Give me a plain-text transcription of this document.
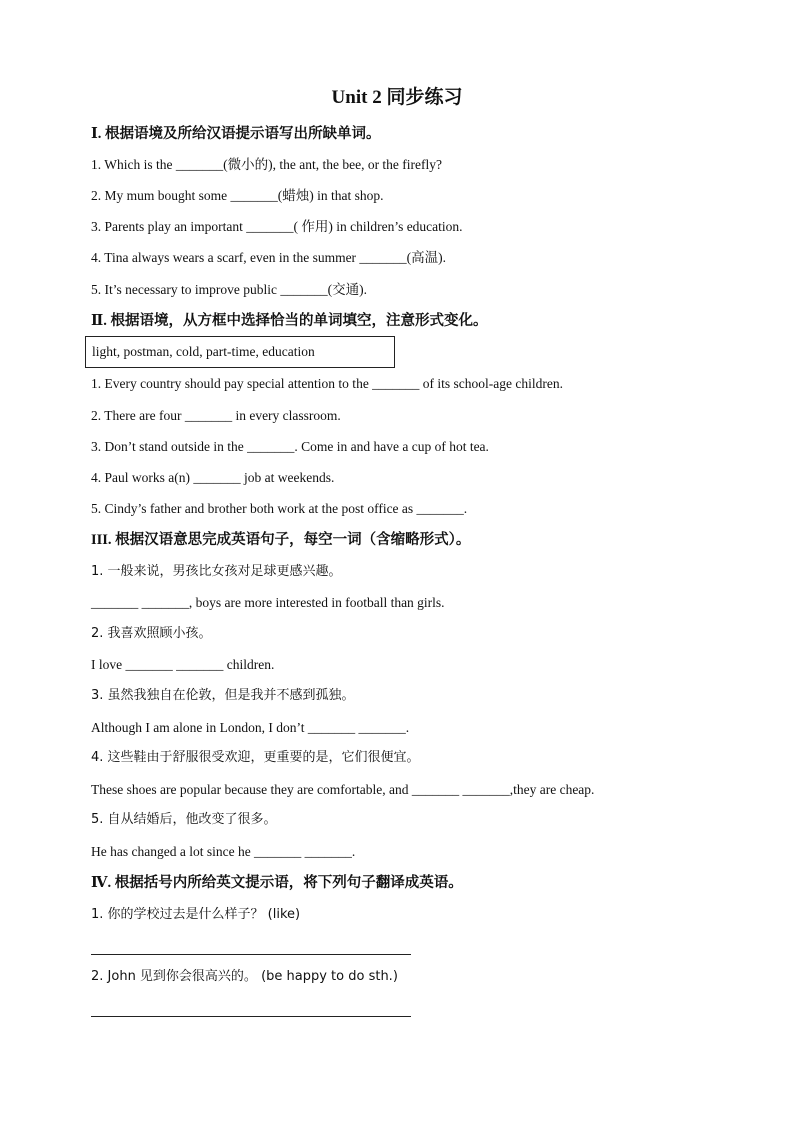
Unit 2 同步练习
Ⅰ. 根据语境及所给汉语提示语写出所缺单词。
1. Which is the _______(微小的), the ant, the bee, or the firefly?
2. My mum bought some _______(蜡烛) in that shop.
3. Parents play an important _______( 作用) in children’s education.
4. Tina always wears a scarf, even in the summer _______(高温).
5. It’s necessary to improve public _______(交通).
Ⅱ. 根据语境，从方框中选择恰当的单词填空，注意形式变化。
light, postman, cold, part-time, education
1. Every country should pay special attention to the _______ of its school-age children.
2. There are four _______ in every classroom.
3. Don’t stand outside in the _______. Come in and have a cup of hot tea.
4. Paul works a(n) _______ job at weekends.
5. Cindy’s father and brother both work at the post office as _______.
III. 根据汉语意思完成英语句子，每空一词（含缩略形式）。
1. 一般来说，男孩比女孩对足球更感兴趣。
_______ _______, boys are more interested in football than girls.
2. 我喜欢照顾小孩。
I love _______ _______ children.
3. 虽然我独自在伦敦，但是我并不感到孤独。
Although I am alone in London, I don’t _______ _______.
4. 这些鞋由于舒服很受欢迎，更重要的是，它们很便宜。
These shoes are popular because they are comfortable, and _______ _______,they are cheap.
5. 自从结婚后，他改变了很多。
He has changed a lot since he _______ _______.
Ⅳ. 根据括号内所给英文提示语，将下列句子翻译成英语。
1. 你的学校过去是什么样子？ (like)
2. John 见到你会很高兴的。 (be happy to do sth.)
